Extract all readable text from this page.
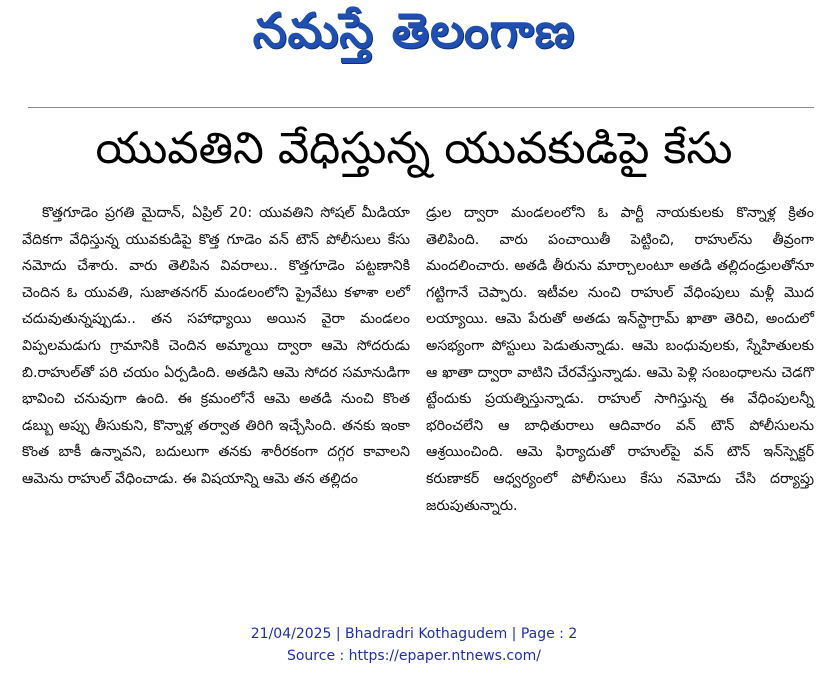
నమస్తే తెలంగాణ
యువతిని వేధిస్తున్న యువకుడిపై కేసు

కొత్తగూడెం ప్రగతి మైదాన్, ఏప్రిల్ 20: యువతిని సోషల్ మీడియా వేదికగా వేధిస్తున్న యువకుడిపై కొత్త గూడెం వన్ టౌన్ పోలీసులు కేసు నమోదు చేశారు. వారు తెలిపిన వివరాలు.. కొత్తగూడెం పట్టణానికి చెందిన ఓ యువతి, సుజాతనగర్ మండలంలోని ప్రైవేటు కళాశా లలో చదువుతున్నప్పుడు.. తన సహాధ్యాయి అయిన వైరా మండలం విప్పలమడుగు గ్రామానికి చెందిన అమ్మాయి ద్వారా ఆమె సోదరుడు బి.రాహుల్‌తో పరి చయం ఏర్పడింది. అతడిని ఆమె సోదర సమానుడిగా భావించి చనువుగా ఉంది. ఈ క్రమంలోనే ఆమె అతడి నుంచి కొంత డబ్బు అప్పు తీసుకుని, కొన్నాళ్ల తర్వాత తిరిగి ఇచ్చేసింది. తనకు ఇంకా కొంత బాకీ ఉన్నావని, బదులుగా తనకు శారీరకంగా దగ్గర కావాలని ఆమెను రాహుల్ వేధించాడు. ఈ విషయాన్ని ఆమె తన తల్లిదం

డ్రుల ద్వారా మండలంలోని ఓ పార్టీ నాయకులకు కొన్నాళ్ల క్రితం తెలిపింది. వారు పంచాయితీ పెట్టించి, రాహుల్‌ను తీవ్రంగా మందలించారు. అతడి తీరును మార్చాలంటూ అతడి తల్లిదండ్రులతోనూ గట్టిగానే చెప్పారు. ఇటీవల నుంచి రాహుల్ వేధింపులు మళ్లీ మొద లయ్యాయి. ఆమె పేరుతో అతడు ఇన్‌స్టాగ్రామ్ ఖాతా తెరిచి, అందులో అసభ్యంగా పోస్టులు పెడుతున్నాడు. ఆమె బంధువులకు, స్నేహితులకు ఆ ఖాతా ద్వారా వాటిని చేరవేస్తున్నాడు. ఆమె పెళ్లి సంబంధాలను చెడగొ ట్టేందుకు ప్రయత్నిస్తున్నాడు. రాహుల్ సాగిస్తున్న ఈ వేధింపులన్నీ భరించలేని ఆ బాధితురాలు ఆదివారం వన్ టౌన్ పోలీసులను ఆశ్రయించింది. ఆమె ఫిర్యాదుతో రాహుల్‌పై వన్ టౌన్ ఇన్‌స్పెక్టర్ కరుణాకర్ ఆధ్వర్యంలో పోలీసులు కేసు నమోదు చేసి దర్యాప్తు జరుపుతున్నారు.

21/04/2025 | Bhadradri Kothagudem | Page : 2
Source : https://epaper.ntnews.com/
